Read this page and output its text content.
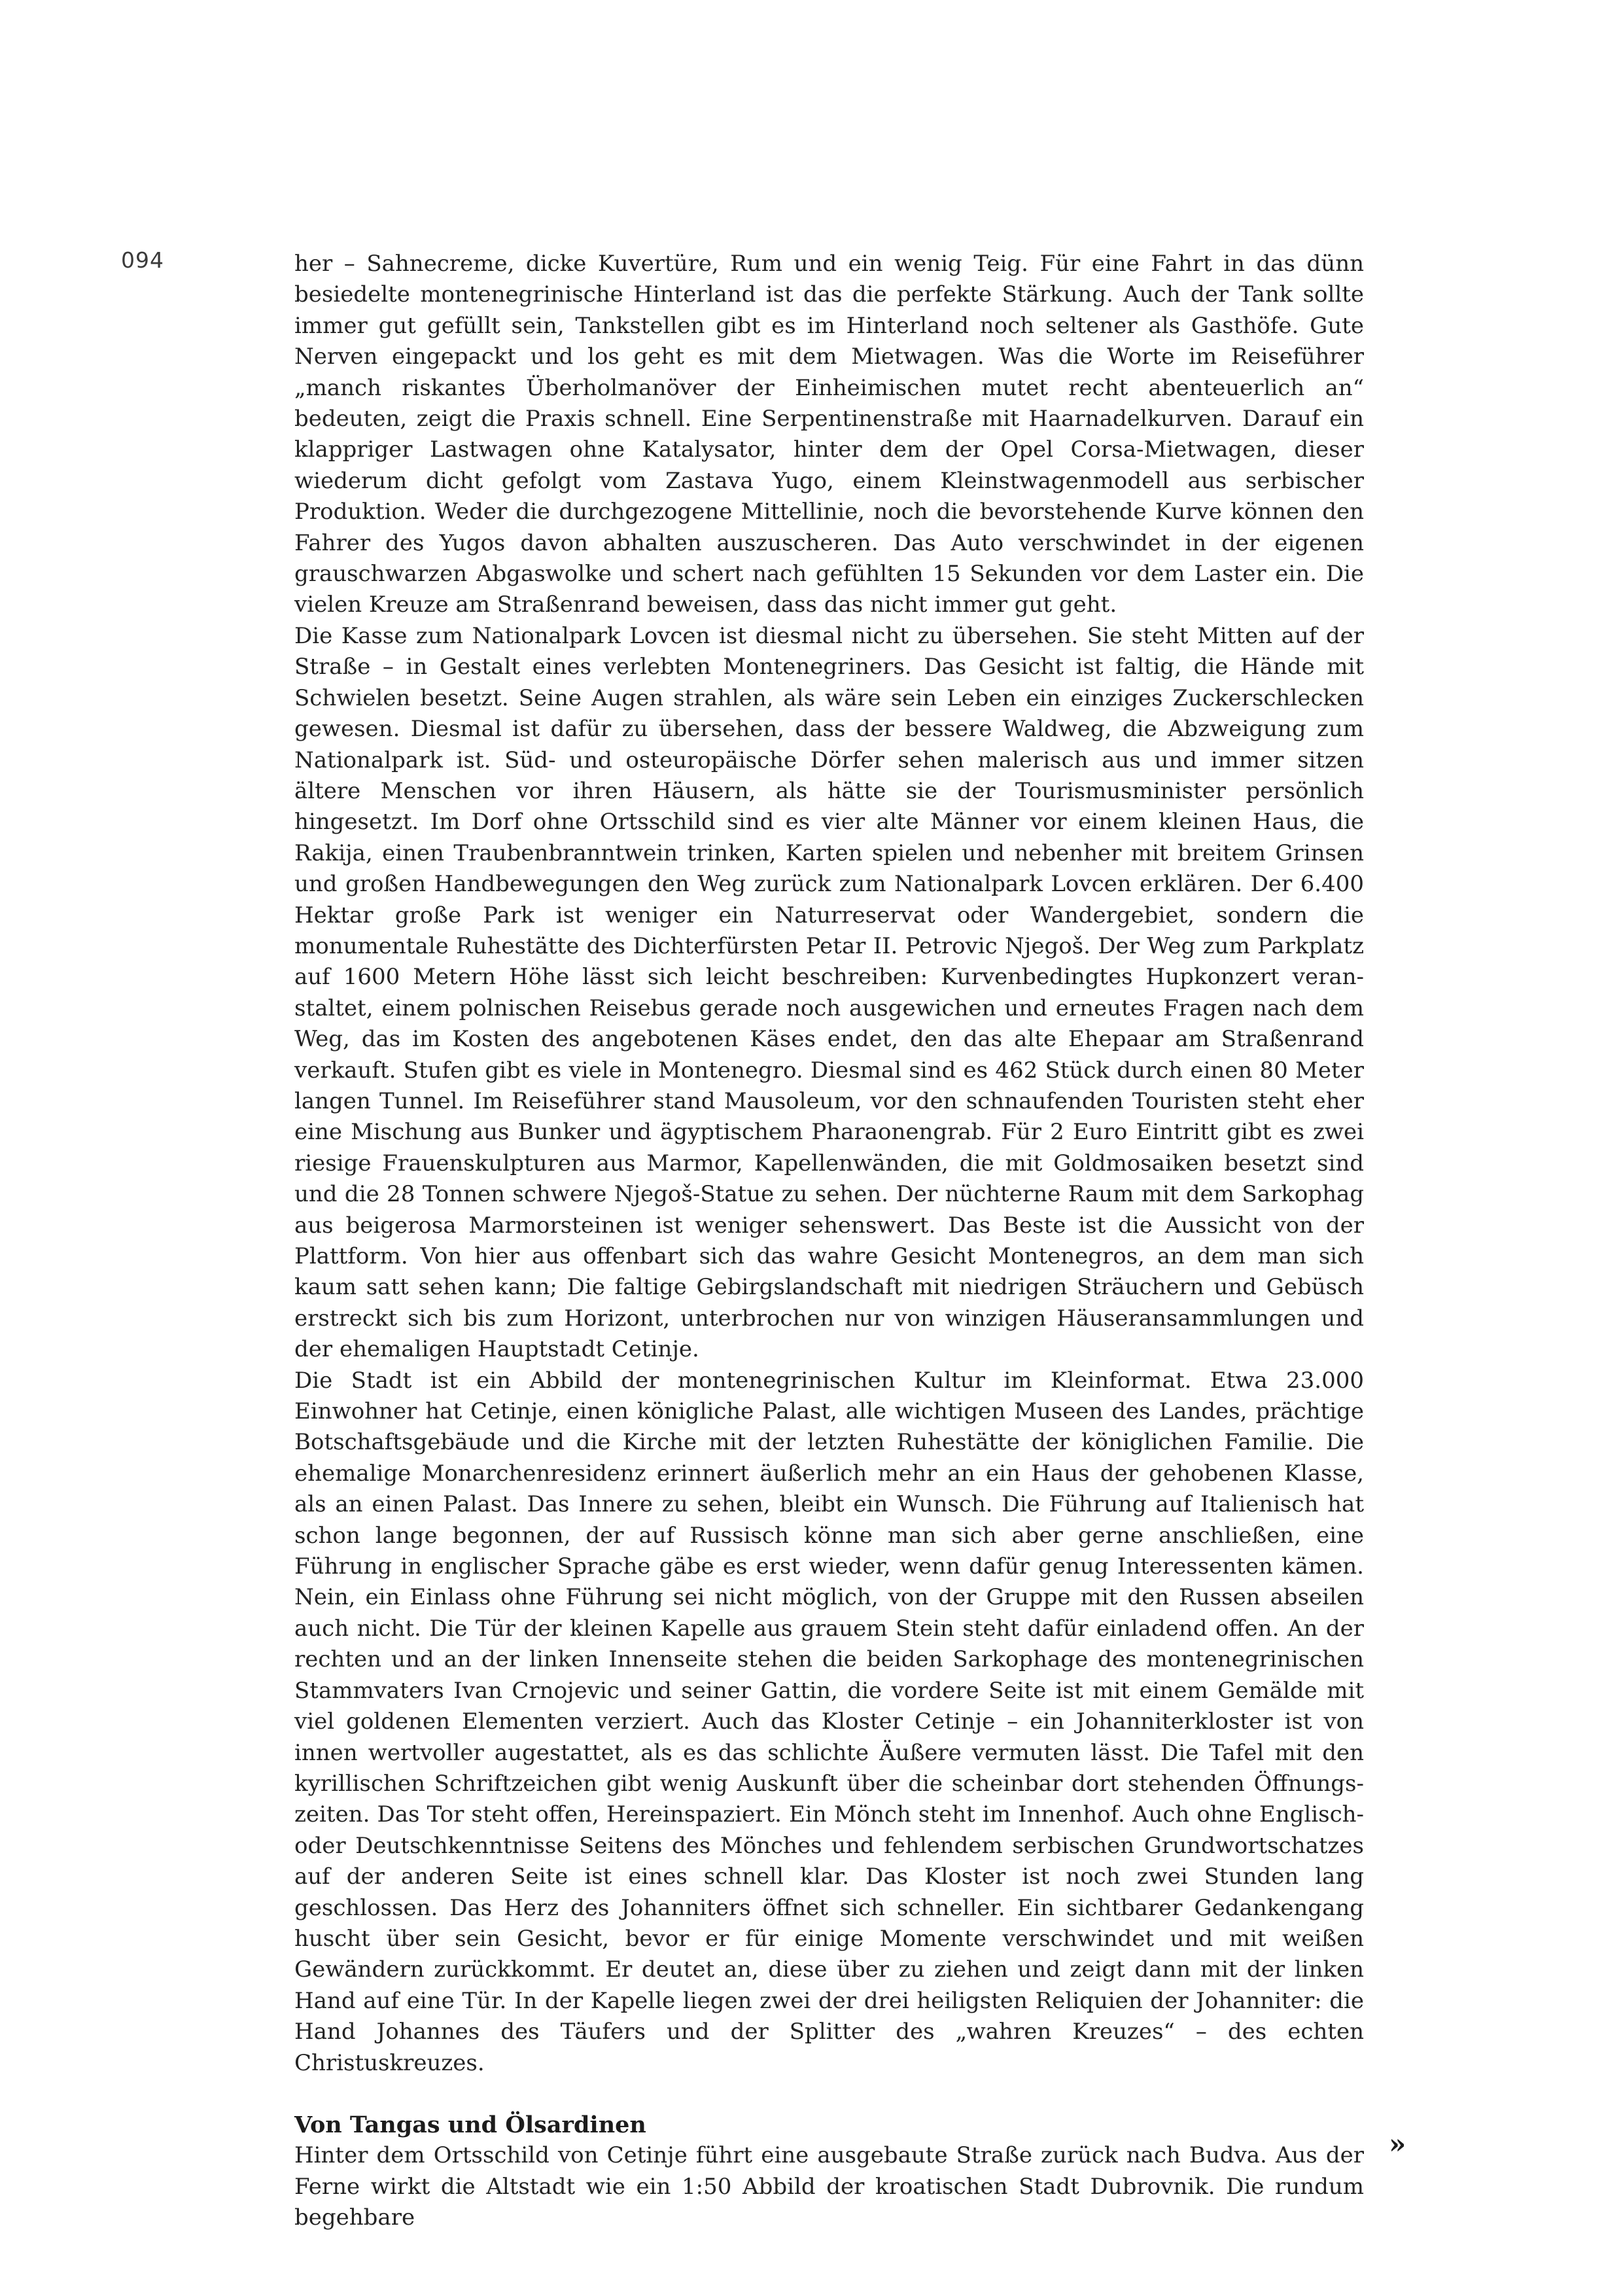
094	her – Sahnecreme, dicke Kuvertüre, Rum und ein wenig Teig. Für eine Fahrt in das dünn besiedelte montenegrinische Hinterland ist das die perfekte Stärkung. Auch der Tank sollte immer gut gefüllt sein, Tankstellen gibt es im Hinterland noch seltener als Gasthöfe. Gute Nerven eingepackt und los geht es mit dem Mietwagen. Was die Worte im Reiseführer „manch riskantes Überholmanöver der Einheimischen mutet recht abenteuerlich an“ bedeuten, zeigt die Praxis schnell. Eine Serpentinenstraße mit Haarnadelkurven. Darauf ein klappriger Lastwagen ohne Katalysator, hinter dem der Opel Corsa-Mietwagen, dieser wiederum dicht gefolgt vom Zastava Yugo, einem Kleinstwagenmodell aus serbischer Produktion. Weder die durchgezogene Mittellinie, noch die bevorstehende Kurve können den Fahrer des Yugos davon abhalten auszuscheren. Das Auto verschwindet in der eigenen grauschwarzen Abgaswolke und schert nach gefühlten 15 Sekunden vor dem Laster ein. Die vielen Kreuze am Straßenrand beweisen, dass das nicht immer gut geht.

Die Kasse zum Nationalpark Lovcen ist diesmal nicht zu übersehen. Sie steht Mitten auf der Straße – in Gestalt eines verlebten Montenegriners. Das Gesicht ist faltig, die Hände mit Schwielen besetzt. Seine Augen strahlen, als wäre sein Leben ein einziges Zuckerschlecken gewesen. Diesmal ist dafür zu übersehen, dass der bessere Waldweg, die Abzweigung zum Nationalpark ist. Süd- und osteuropäische Dörfer sehen malerisch aus und immer sitzen ältere Menschen vor ihren Häusern, als hätte sie der Tourismusminister persönlich hingesetzt. Im Dorf ohne Ortsschild sind es vier alte Männer vor einem kleinen Haus, die Rakija, einen Traubenbranntwein trinken, Karten spielen und nebenher mit breitem Grinsen und großen Handbewegungen den Weg zurück zum Nationalpark Lovcen erklären. Der 6.400 Hektar große Park ist weniger ein Naturreservat oder Wandergebiet, sondern die monumentale Ruhestätte des Dichterfürsten Petar II. Petrovic Njegoš. Der Weg zum Parkplatz auf 1600 Metern Höhe lässt sich leicht beschreiben: Kurvenbedingtes Hupkonzert veranstaltet, einem polnischen Reisebus gerade noch ausgewichen und erneutes Fragen nach dem Weg, das im Kosten des angebotenen Käses endet, den das alte Ehepaar am Straßenrand verkauft. Stufen gibt es viele in Montenegro. Diesmal sind es 462 Stück durch einen 80 Meter langen Tunnel. Im Reiseführer stand Mausoleum, vor den schnaufenden Touristen steht eher eine Mischung aus Bunker und ägyptischem Pharaonengrab. Für 2 Euro Eintritt gibt es zwei riesige Frauenskulpturen aus Marmor, Kapellenwänden, die mit Goldmosaiken besetzt sind und die 28 Tonnen schwere Njegoš-Statue zu sehen. Der nüchterne Raum mit dem Sarkophag aus beigerosa Marmorsteinen ist weniger sehenswert. Das Beste ist die Aussicht von der Plattform. Von hier aus offenbart sich das wahre Gesicht Montenegros, an dem man sich kaum satt sehen kann; Die faltige Gebirgslandschaft mit niedrigen Sträuchern und Gebüsch erstreckt sich bis zum Horizont, unterbrochen nur von winzigen Häuseransammlungen und der ehemaligen Hauptstadt Cetinje.

Die Stadt ist ein Abbild der montenegrinischen Kultur im Kleinformat. Etwa 23.000 Einwohner hat Cetinje, einen königliche Palast, alle wichtigen Museen des Landes, prächtige Botschaftsgebäude und die Kirche mit der letzten Ruhestätte der königlichen Familie. Die ehemalige Monarchenresidenz erinnert äußerlich mehr an ein Haus der gehobenen Klasse, als an einen Palast. Das Innere zu sehen, bleibt ein Wunsch. Die Führung auf Italienisch hat schon lange begonnen, der auf Russisch könne man sich aber gerne anschließen, eine Führung in englischer Sprache gäbe es erst wieder, wenn dafür genug Interessenten kämen. Nein, ein Einlass ohne Führung sei nicht möglich, von der Gruppe mit den Russen abseilen auch nicht. Die Tür der kleinen Kapelle aus grauem Stein steht dafür einladend offen. An der rechten und an der linken Innenseite stehen die beiden Sarkophage des montenegrinischen Stammvaters Ivan Crnojevic und seiner Gattin, die vordere Seite ist mit einem Gemälde mit viel goldenen Elementen verziert. Auch das Kloster Cetinje – ein Johanniterkloster ist von innen wertvoller augestattet, als es das schlichte Äußere vermuten lässt. Die Tafel mit den kyrillischen Schriftzeichen gibt wenig Auskunft über die scheinbar dort stehenden Öffnungszeiten. Das Tor steht offen, Hereinspaziert. Ein Mönch steht im Innenhof. Auch ohne Englisch- oder Deutschkenntnisse Seitens des Mönches und fehlendem serbischen Grundwortschatzes auf der anderen Seite ist eines schnell klar. Das Kloster ist noch zwei Stunden lang geschlossen. Das Herz des Johanniters öffnet sich schneller. Ein sichtbarer Gedankengang huscht über sein Gesicht, bevor er für einige Momente verschwindet und mit weißen Gewändern zurückkommt. Er deutet an, diese über zu ziehen und zeigt dann mit der linken Hand auf eine Tür. In der Kapelle liegen zwei der drei heiligsten Reliquien der Johanniter: die Hand Johannes des Täufers und der Splitter des „wahren Kreuzes“ – des echten Christuskreuzes.

Von Tangas und Ölsardinen

Hinter dem Ortsschild von Cetinje führt eine ausgebaute Straße zurück nach Budva. Aus der Ferne wirkt die Altstadt wie ein 1:50 Abbild der kroatischen Stadt Dubrovnik. Die rundum begehbare

»
